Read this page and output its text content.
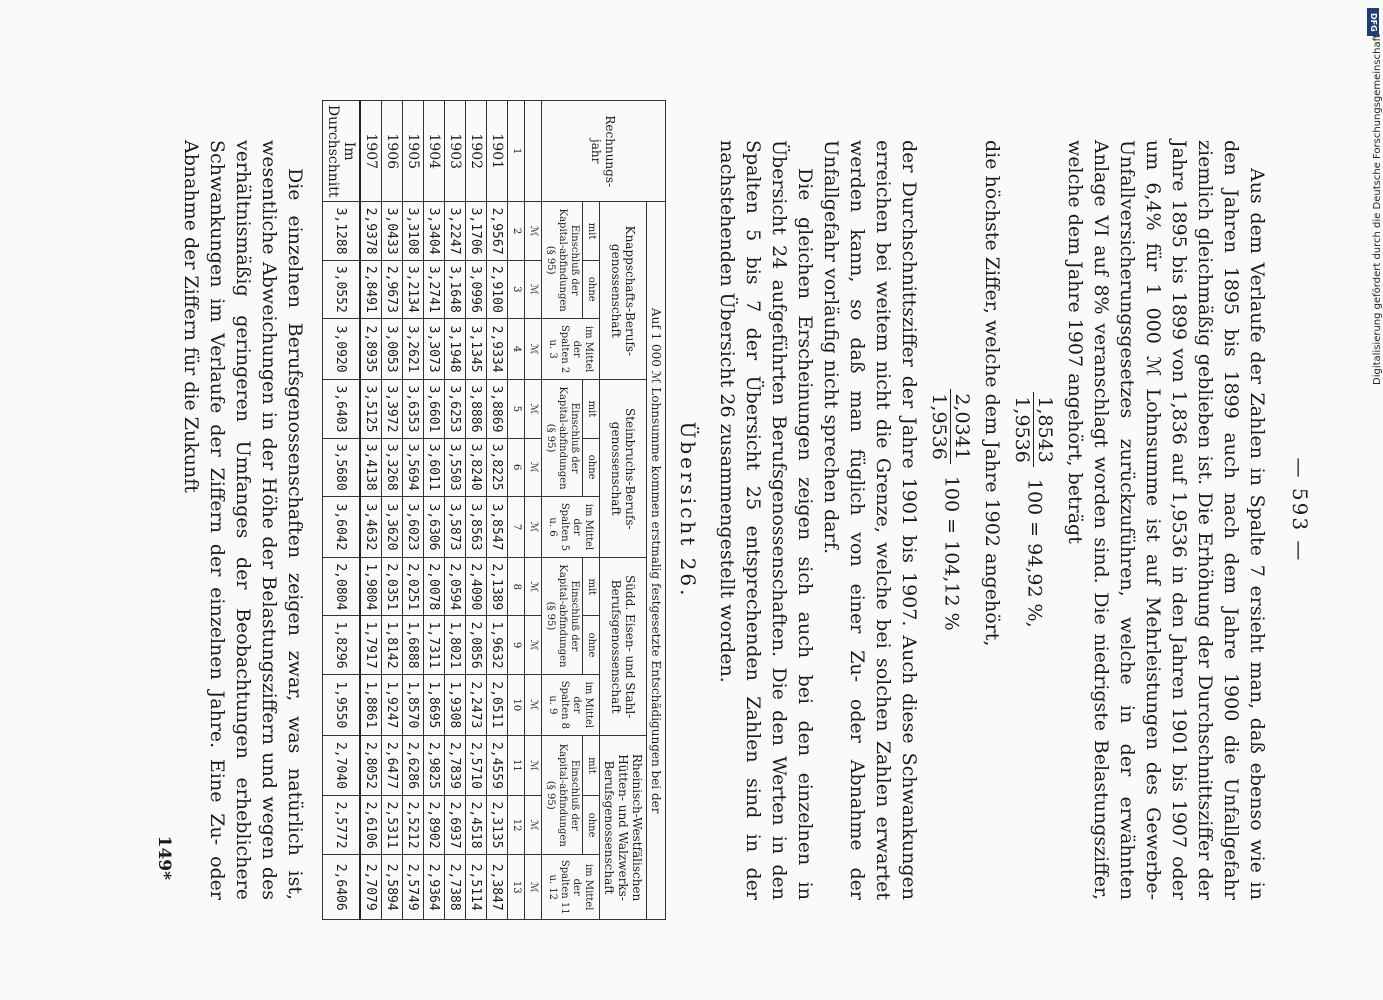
— 593 —

Aus dem Verlaufe der Zahlen in Spalte 7 ersieht man, daß ebenso wie in den Jahren 1895 bis 1899 auch nach dem Jahre 1900 die Unfallgefahr ziemlich gleichmäßig geblieben ist. Die Erhöhung der Durchschnittsziffer der Jahre 1895 bis 1899 von 1,836 auf 1,9536 in den Jahren 1901 bis 1907 oder um 6,4% für 1 000 ℳ Lohnsumme ist auf Mehrleistungen des Gewerbe-Unfallversicherungsgesetzes zurückzuführen, welche in der erwähnten Anlage VI auf 8% veranschlagt worden sind. Die niedrigste Belastungsziffer, welche dem Jahre 1907 angehört, beträgt

1,8543
1,9536
100 = 94,92 %,

die höchste Ziffer, welche dem Jahre 1902 angehört,

2,0341
1,9536
100 = 104,12 %

der Durchschnittsziffer der Jahre 1901 bis 1907. Auch diese Schwankungen erreichen bei weitem nicht die Grenze, welche bei solchen Zahlen erwartet werden kann, so daß man füglich von einer Zu- oder Abnahme der Unfallgefahr vorläufig nicht sprechen darf.

Die gleichen Erscheinungen zeigen sich auch bei den einzelnen in Übersicht 24 aufgeführten Berufsgenossenschaften. Die den Werten in den Spalten 5 bis 7 der Übersicht 25 entsprechenden Zahlen sind in der nachstehenden Übersicht 26 zusammengestellt worden.

Übersicht 26.
Rechnungs-jahr	Auf 1 000 ℳ Lohnsumme kommen erstmalig festgesetzte Entschädigungen bei der											
	Knappschafts-Berufs-genossenschaft			Steinbruchs-Berufs-genossenschaft			Südd. Eisen- und Stahl-Berufsgenossenschaft			Rheinisch-Westfälischen Hütten- und Walzwerks-Berufsgenossenschaft		
	mit	ohne	im Mittel der Spalten 2 u. 3	mit	ohne	im Mittel der Spalten 5 u. 6	mit	ohne	im Mittel der Spalten 8 u. 9	mit	ohne	im Mittel der Spalten 11 u. 12
	Einschluß der Kapital-abfindungen (§ 95)			Einschluß der Kapital-abfindungen (§ 95)			Einschluß der Kapital-abfindungen (§ 95)			Einschluß der Kapital-abfindungen (§ 95)		
	ℳ	ℳ	ℳ	ℳ	ℳ	ℳ	ℳ	ℳ	ℳ	ℳ	ℳ	ℳ
1	2	3	4	5	6	7	8	9	10	11	12	13
1901	2,9567	2,9100	2,9334	3,8869	3,8225	3,8547	2,1389	1,9632	2,0511	2,4559	2,3135	2,3847
1902	3,1706	3,0996	3,1345	3,8886	3,8240	3,8563	2,4090	2,0856	2,2473	2,5710	2,4518	2,5114
1903	3,2247	3,1648	3,1948	3,6253	3,5503	3,5873	2,0594	1,8021	1,9308	2,7839	2,6937	2,7388
1904	3,3404	3,2741	3,3073	3,6601	3,6011	3,6306	2,0078	1,7311	1,8695	2,9825	2,8902	2,9364
1905	3,3108	3,2134	3,2621	3,6353	3,5694	3,6023	2,0251	1,6888	1,8570	2,6286	2,5212	2,5749
1906	3,0433	2,9673	3,0053	3,3972	3,3268	3,3620	2,0351	1,8142	1,9247	2,6477	2,5311	2,5894
1907	2,9378	2,8491	2,8935	3,5125	3,4138	3,4632	1,9804	1,7917	1,8861	2,8052	2,6106	2,7079
Im Durchschnitt	3,1288	3,0552	3,0920	3,6403	3,5680	3,6042	2,0804	1,8296	1,9550	2,7040	2,5772	2,6406

Die einzelnen Berufsgenossenschaften zeigen zwar, was natürlich ist, wesentliche Abweichungen in der Höhe der Belastungsziffern und wegen des verhältnismäßig geringeren Umfanges der Beobachtungen erheblichere Schwankungen im Verlaufe der Ziffern der einzelnen Jahre. Eine Zu- oder Abnahme der Ziffern für die Zukunft

149*
DFG
Digitalisierung gefördert durch die Deutsche Forschungsgemeinschaft
